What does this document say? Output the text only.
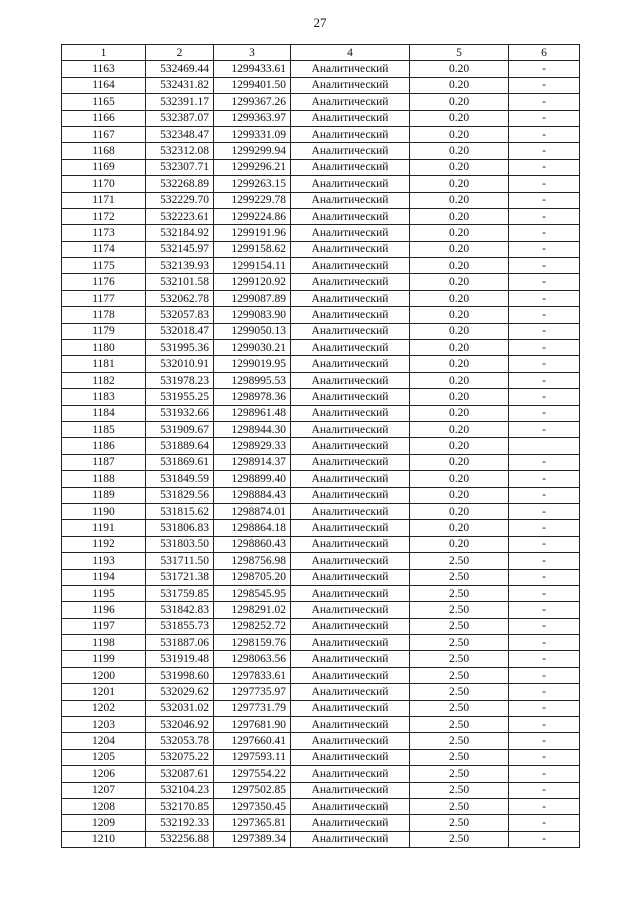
27
1	2	3	4	5	6
1163	532469.44	1299433.61	Аналитический	0.20	-
1164	532431.82	1299401.50	Аналитический	0.20	-
1165	532391.17	1299367.26	Аналитический	0.20	-
1166	532387.07	1299363.97	Аналитический	0.20	-
1167	532348.47	1299331.09	Аналитический	0.20	-
1168	532312.08	1299299.94	Аналитический	0.20	-
1169	532307.71	1299296.21	Аналитический	0.20	-
1170	532268.89	1299263.15	Аналитический	0.20	-
1171	532229.70	1299229.78	Аналитический	0.20	-
1172	532223.61	1299224.86	Аналитический	0.20	-
1173	532184.92	1299191.96	Аналитический	0.20	-
1174	532145.97	1299158.62	Аналитический	0.20	-
1175	532139.93	1299154.11	Аналитический	0.20	-
1176	532101.58	1299120.92	Аналитический	0.20	-
1177	532062.78	1299087.89	Аналитический	0.20	-
1178	532057.83	1299083.90	Аналитический	0.20	-
1179	532018.47	1299050.13	Аналитический	0.20	-
1180	531995.36	1299030.21	Аналитический	0.20	-
1181	532010.91	1299019.95	Аналитический	0.20	-
1182	531978.23	1298995.53	Аналитический	0.20	-
1183	531955.25	1298978.36	Аналитический	0.20	-
1184	531932.66	1298961.48	Аналитический	0.20	-
1185	531909.67	1298944.30	Аналитический	0.20	-
1186	531889.64	1298929.33	Аналитический	0.20	
1187	531869.61	1298914.37	Аналитический	0.20	-
1188	531849.59	1298899.40	Аналитический	0.20	-
1189	531829.56	1298884.43	Аналитический	0.20	-
1190	531815.62	1298874.01	Аналитический	0.20	-
1191	531806.83	1298864.18	Аналитический	0.20	-
1192	531803.50	1298860.43	Аналитический	0.20	-
1193	531711.50	1298756.98	Аналитический	2.50	-
1194	531721.38	1298705.20	Аналитический	2.50	-
1195	531759.85	1298545.95	Аналитический	2.50	-
1196	531842.83	1298291.02	Аналитический	2.50	-
1197	531855.73	1298252.72	Аналитический	2.50	-
1198	531887.06	1298159.76	Аналитический	2.50	-
1199	531919.48	1298063.56	Аналитический	2.50	-
1200	531998.60	1297833.61	Аналитический	2.50	-
1201	532029.62	1297735.97	Аналитический	2.50	-
1202	532031.02	1297731.79	Аналитический	2.50	-
1203	532046.92	1297681.90	Аналитический	2.50	-
1204	532053.78	1297660.41	Аналитический	2.50	-
1205	532075.22	1297593.11	Аналитический	2.50	-
1206	532087.61	1297554.22	Аналитический	2.50	-
1207	532104.23	1297502.85	Аналитический	2.50	-
1208	532170.85	1297350.45	Аналитический	2.50	-
1209	532192.33	1297365.81	Аналитический	2.50	-
1210	532256.88	1297389.34	Аналитический	2.50	-
